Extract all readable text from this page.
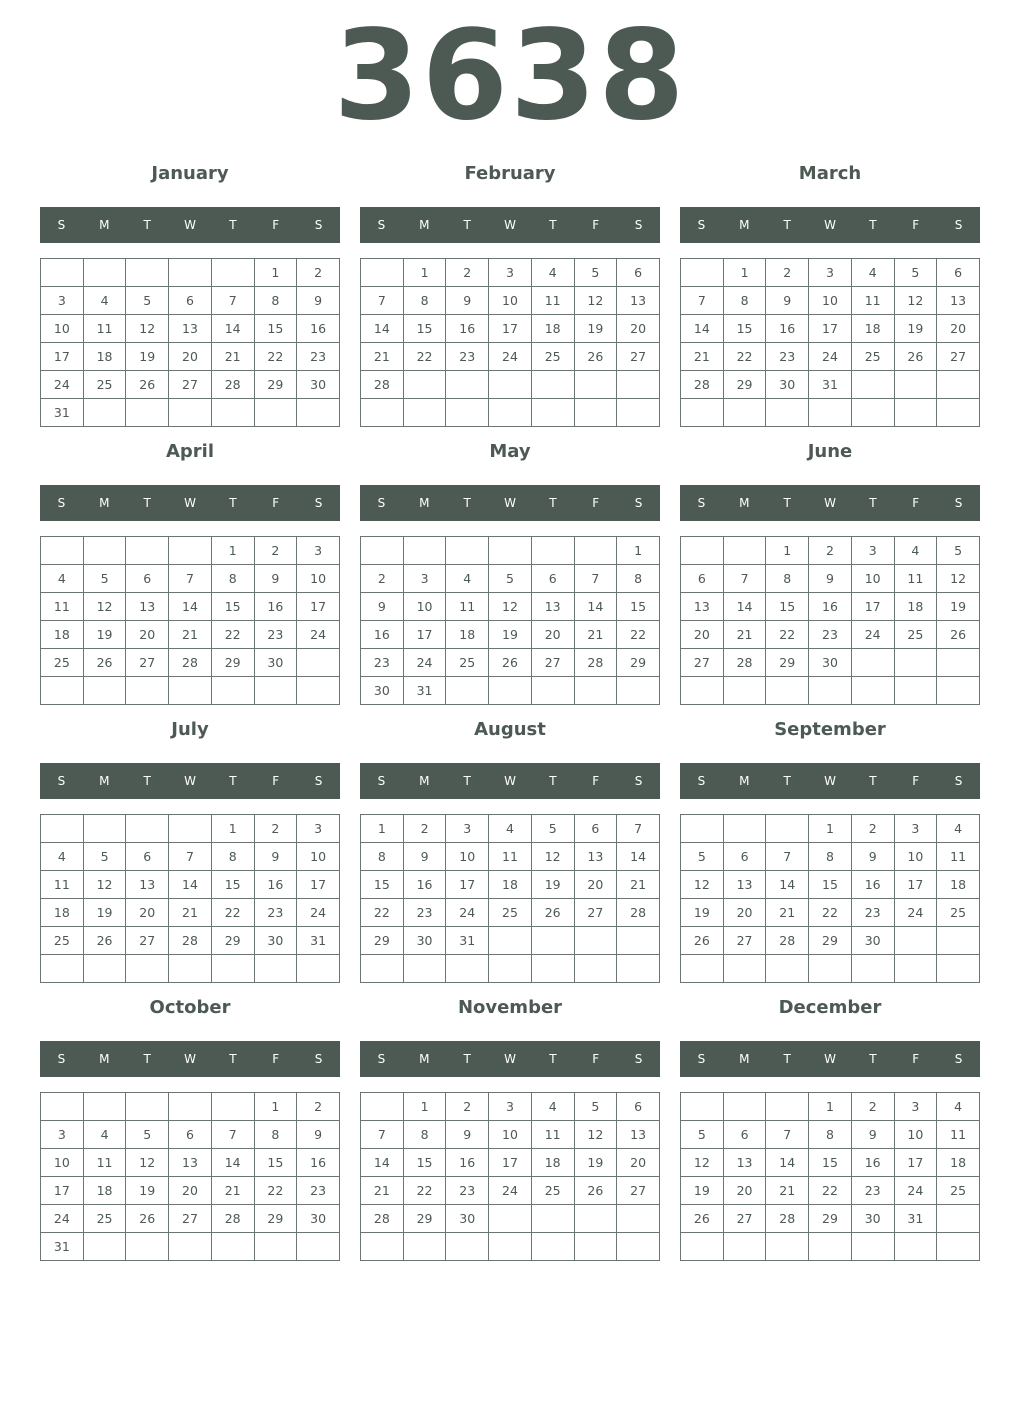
3638
January
S	M	T	W	T	F	S
					1	2
3	4	5	6	7	8	9
10	11	12	13	14	15	16
17	18	19	20	21	22	23
24	25	26	27	28	29	30
31						
February
S	M	T	W	T	F	S
	1	2	3	4	5	6
7	8	9	10	11	12	13
14	15	16	17	18	19	20
21	22	23	24	25	26	27
28						

March
S	M	T	W	T	F	S
	1	2	3	4	5	6
7	8	9	10	11	12	13
14	15	16	17	18	19	20
21	22	23	24	25	26	27
28	29	30	31			

April
S	M	T	W	T	F	S
				1	2	3
4	5	6	7	8	9	10
11	12	13	14	15	16	17
18	19	20	21	22	23	24
25	26	27	28	29	30	

May
S	M	T	W	T	F	S
						1
2	3	4	5	6	7	8
9	10	11	12	13	14	15
16	17	18	19	20	21	22
23	24	25	26	27	28	29
30	31					
June
S	M	T	W	T	F	S
		1	2	3	4	5
6	7	8	9	10	11	12
13	14	15	16	17	18	19
20	21	22	23	24	25	26
27	28	29	30			

July
S	M	T	W	T	F	S
				1	2	3
4	5	6	7	8	9	10
11	12	13	14	15	16	17
18	19	20	21	22	23	24
25	26	27	28	29	30	31

August
S	M	T	W	T	F	S
1	2	3	4	5	6	7
8	9	10	11	12	13	14
15	16	17	18	19	20	21
22	23	24	25	26	27	28
29	30	31				

September
S	M	T	W	T	F	S
			1	2	3	4
5	6	7	8	9	10	11
12	13	14	15	16	17	18
19	20	21	22	23	24	25
26	27	28	29	30		

October
S	M	T	W	T	F	S
					1	2
3	4	5	6	7	8	9
10	11	12	13	14	15	16
17	18	19	20	21	22	23
24	25	26	27	28	29	30
31						
November
S	M	T	W	T	F	S
	1	2	3	4	5	6
7	8	9	10	11	12	13
14	15	16	17	18	19	20
21	22	23	24	25	26	27
28	29	30				

December
S	M	T	W	T	F	S
			1	2	3	4
5	6	7	8	9	10	11
12	13	14	15	16	17	18
19	20	21	22	23	24	25
26	27	28	29	30	31	
